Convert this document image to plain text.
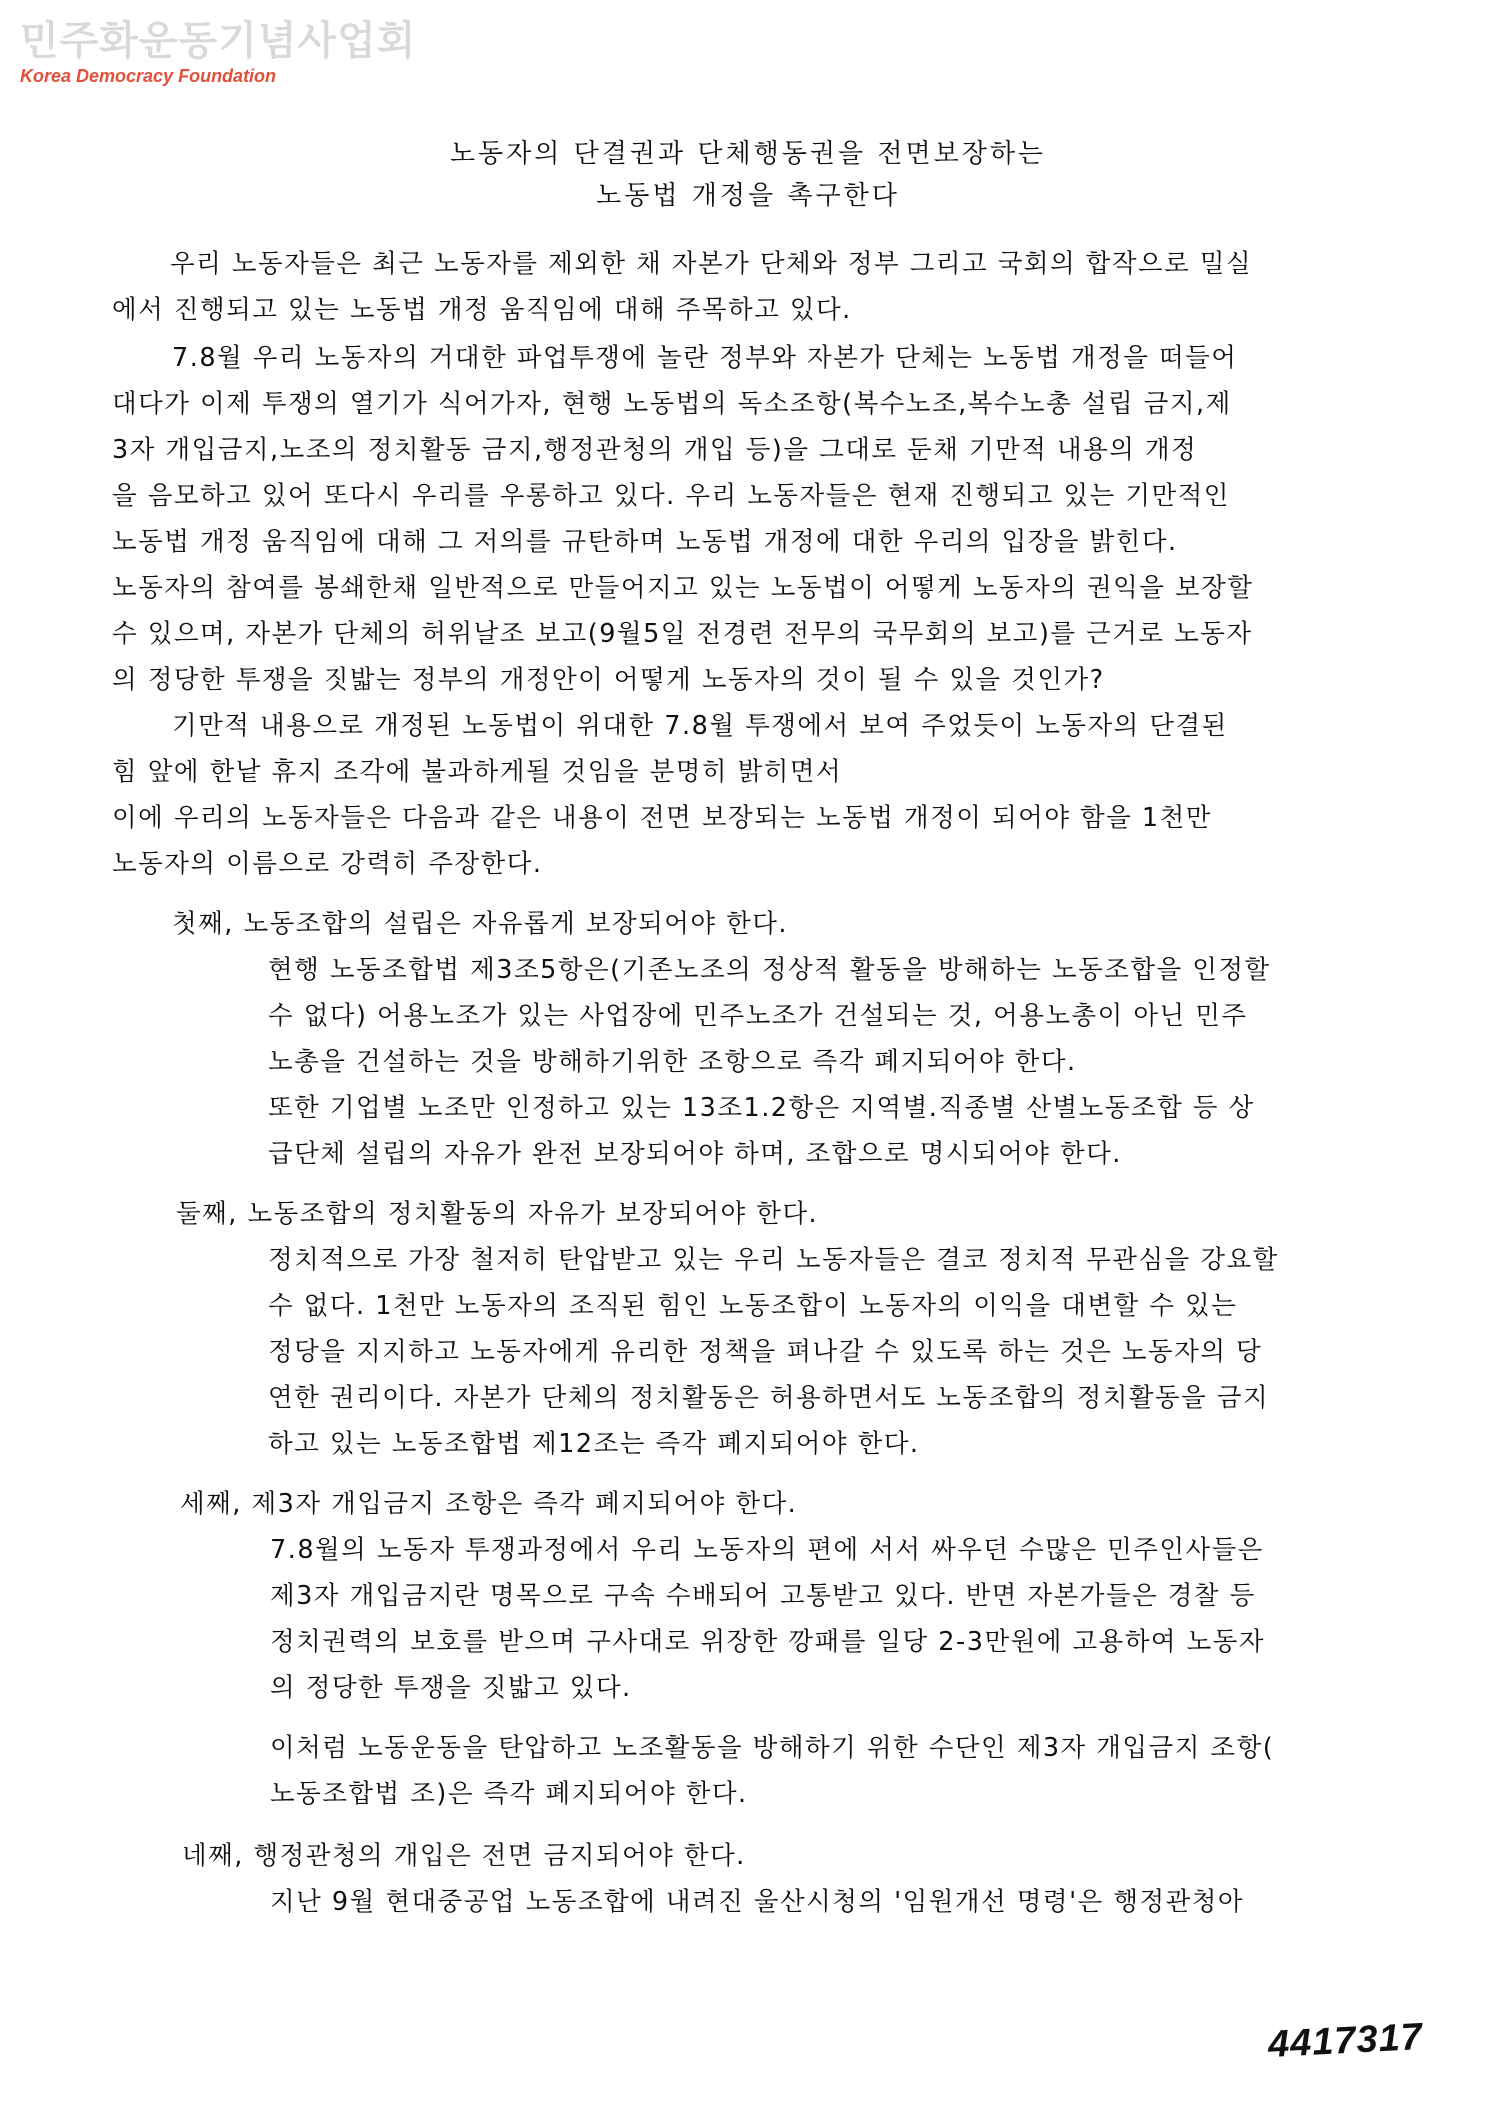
민주화운동기념사업회
Korea Democracy Foundation
노동자의 단결권과 단체행동권을 전면보장하는
노동법 개정을 촉구한다
우리 노동자들은 최근 노동자를 제외한 채 자본가 단체와 정부 그리고 국회의 합작으로 밀실
에서 진행되고 있는 노동법 개정 움직임에 대해 주목하고 있다.
7.8월 우리 노동자의 거대한 파업투쟁에 놀란 정부와 자본가 단체는 노동법 개정을 떠들어
대다가 이제 투쟁의 열기가 식어가자, 현행 노동법의 독소조항(복수노조,복수노총 설립 금지,제
3자 개입금지,노조의 정치활동 금지,행정관청의 개입 등)을 그대로 둔채 기만적 내용의 개정
을 음모하고 있어 또다시 우리를 우롱하고 있다. 우리 노동자들은 현재 진행되고 있는 기만적인
노동법 개정 움직임에 대해 그 저의를 규탄하며 노동법 개정에 대한 우리의 입장을 밝힌다.
노동자의 참여를 봉쇄한채 일반적으로 만들어지고 있는 노동법이 어떻게 노동자의 권익을 보장할
수 있으며, 자본가 단체의 허위날조 보고(9월5일 전경련 전무의 국무회의 보고)를 근거로 노동자
의 정당한 투쟁을 짓밟는 정부의 개정안이 어떻게 노동자의 것이 될 수 있을 것인가?
기만적 내용으로 개정된 노동법이 위대한 7.8월 투쟁에서 보여 주었듯이 노동자의 단결된
힘 앞에 한낱 휴지 조각에 불과하게될 것임을 분명히 밝히면서
이에 우리의 노동자들은 다음과 같은 내용이 전면 보장되는 노동법 개정이 되어야 함을 1천만
노동자의 이름으로 강력히 주장한다.
첫째, 노동조합의 설립은 자유롭게 보장되어야 한다.
현행 노동조합법 제3조5항은(기존노조의 정상적 활동을 방해하는 노동조합을 인정할
수 없다) 어용노조가 있는 사업장에 민주노조가 건설되는 것, 어용노총이 아닌 민주
노총을 건설하는 것을 방해하기위한 조항으로 즉각 폐지되어야 한다.
또한 기업별 노조만 인정하고 있는 13조1.2항은 지역별.직종별 산별노동조합 등 상
급단체 설립의 자유가 완전 보장되어야 하며, 조합으로 명시되어야 한다.
둘째, 노동조합의 정치활동의 자유가 보장되어야 한다.
정치적으로 가장 철저히 탄압받고 있는 우리 노동자들은 결코 정치적 무관심을 강요할
수 없다. 1천만 노동자의 조직된 힘인 노동조합이 노동자의 이익을 대변할 수 있는
정당을 지지하고 노동자에게 유리한 정책을 펴나갈 수 있도록 하는 것은 노동자의 당
연한 권리이다. 자본가 단체의 정치활동은 허용하면서도 노동조합의 정치활동을 금지
하고 있는 노동조합법 제12조는 즉각 폐지되어야 한다.
세째, 제3자 개입금지 조항은 즉각 폐지되어야 한다.
7.8월의 노동자 투쟁과정에서 우리 노동자의 편에 서서 싸우던 수많은 민주인사들은
제3자 개입금지란 명목으로 구속 수배되어 고통받고 있다. 반면 자본가들은 경찰 등
정치권력의 보호를 받으며 구사대로 위장한 깡패를 일당 2-3만원에 고용하여 노동자
의 정당한 투쟁을 짓밟고 있다.
이처럼 노동운동을 탄압하고 노조활동을 방해하기 위한 수단인 제3자 개입금지 조항(
노동조합법 조)은 즉각 폐지되어야 한다.
네째, 행정관청의 개입은 전면 금지되어야 한다.
지난 9월 현대중공업 노동조합에 내려진 울산시청의 '임원개선 명령'은 행정관청아
4417317
